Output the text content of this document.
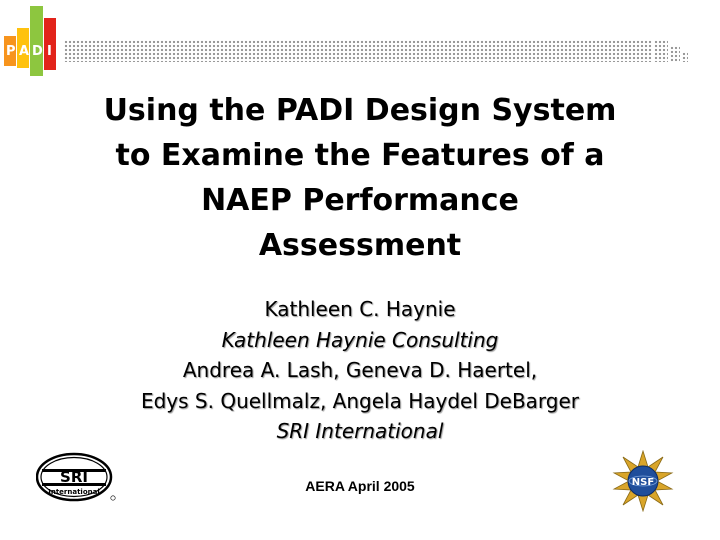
P A D I
Using the PADI Design System
to Examine the Features of a
NAEP Performance
Assessment
Kathleen C. Haynie
Kathleen Haynie Consulting
Andrea A. Lash, Geneva D. Haertel,
Edys S. Quellmalz, Angela Haydel DeBarger
SRI International
SRI
International	AERA April 2005	NSF
